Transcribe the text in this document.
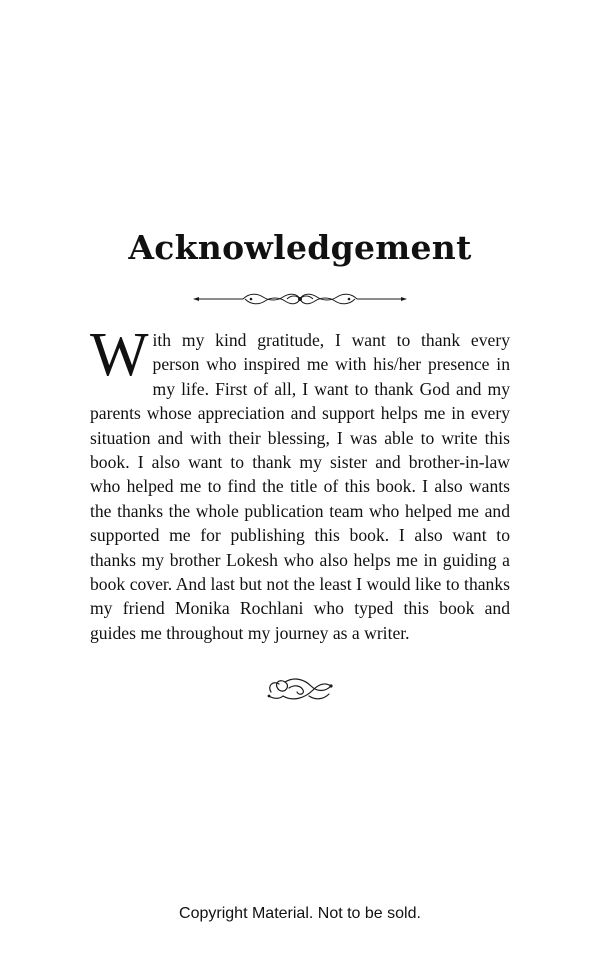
Acknowledgement

With my kind gratitude, I want to thank every person who inspired me with his/her presence in my life. First of all, I want to thank God and my parents whose appreciation and support helps me in every situation and with their blessing, I was able to write this book. I also want to thank my sister and brother-in-law who helped me to find the title of this book. I also wants the thanks the whole publication team who helped me and supported me for publishing this book. I also want to thanks my brother Lokesh who also helps me in guiding a book cover. And last but not the least I would like to thanks my friend Monika Rochlani who typed this book and guides me throughout my journey as a writer.

Copyright Material. Not to be sold.
